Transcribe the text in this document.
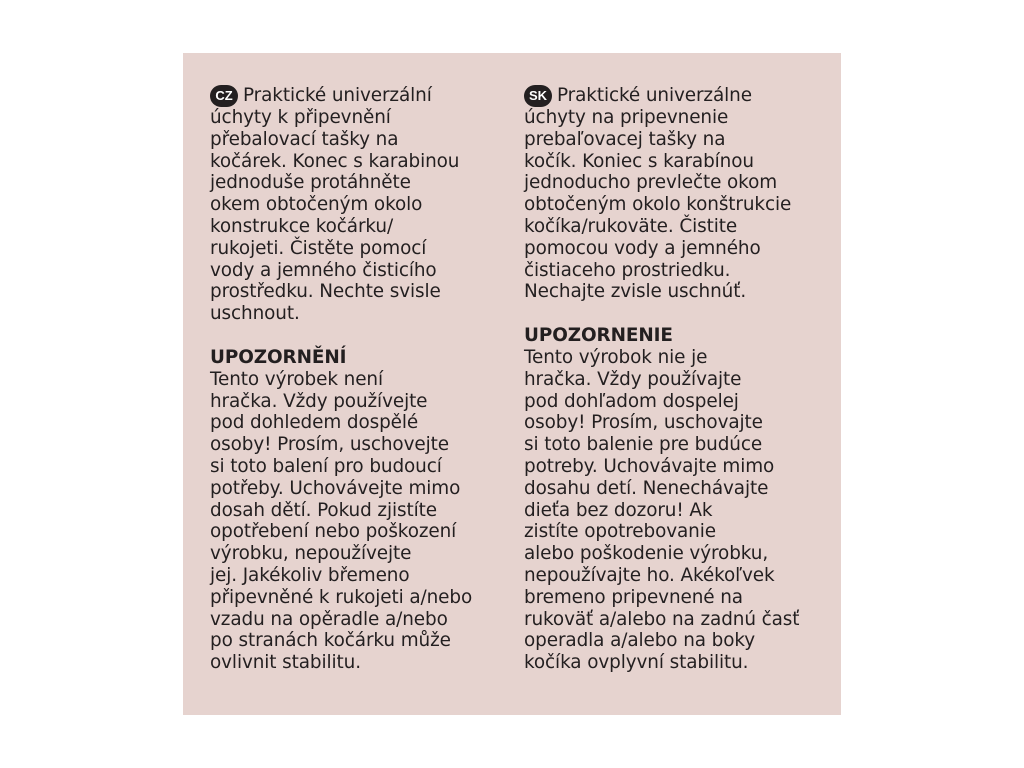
CZ Praktické univerzální
úchyty k připevnění
přebalovací tašky na
kočárek. Konec s karabinou
jednoduše protáhněte
okem obtočeným okolo
konstrukce kočárku/
rukojeti. Čistěte pomocí
vody a jemného čisticího
prostředku. Nechte svisle
uschnout.

UPOZORNĚNÍ
Tento výrobek není
hračka. Vždy používejte
pod dohledem dospělé
osoby! Prosím, uschovejte
si toto balení pro budoucí
potřeby. Uchovávejte mimo
dosah dětí. Pokud zjistíte
opotřebení nebo poškození
výrobku, nepoužívejte
jej. Jakékoliv břemeno
připevněné k rukojeti a/nebo
vzadu na opěradle a/nebo
po stranách kočárku může
ovlivnit stabilitu.

SK Praktické univerzálne
úchyty na pripevnenie
prebaľovacej tašky na
kočík. Koniec s karabínou
jednoducho prevlečte okom
obtočeným okolo konštrukcie
kočíka/rukoväte. Čistite
pomocou vody a jemného
čistiaceho prostriedku.
Nechajte zvisle uschnúť.

UPOZORNENIE
Tento výrobok nie je
hračka. Vždy používajte
pod dohľadom dospelej
osoby! Prosím, uschovajte
si toto balenie pre budúce
potreby. Uchovávajte mimo
dosahu detí. Nenechávajte
dieťa bez dozoru! Ak
zistíte opotrebovanie
alebo poškodenie výrobku,
nepoužívajte ho. Akékoľvek
bremeno pripevnené na
rukoväť a/alebo na zadnú časť
operadla a/alebo na boky
kočíka ovplyvní stabilitu.
